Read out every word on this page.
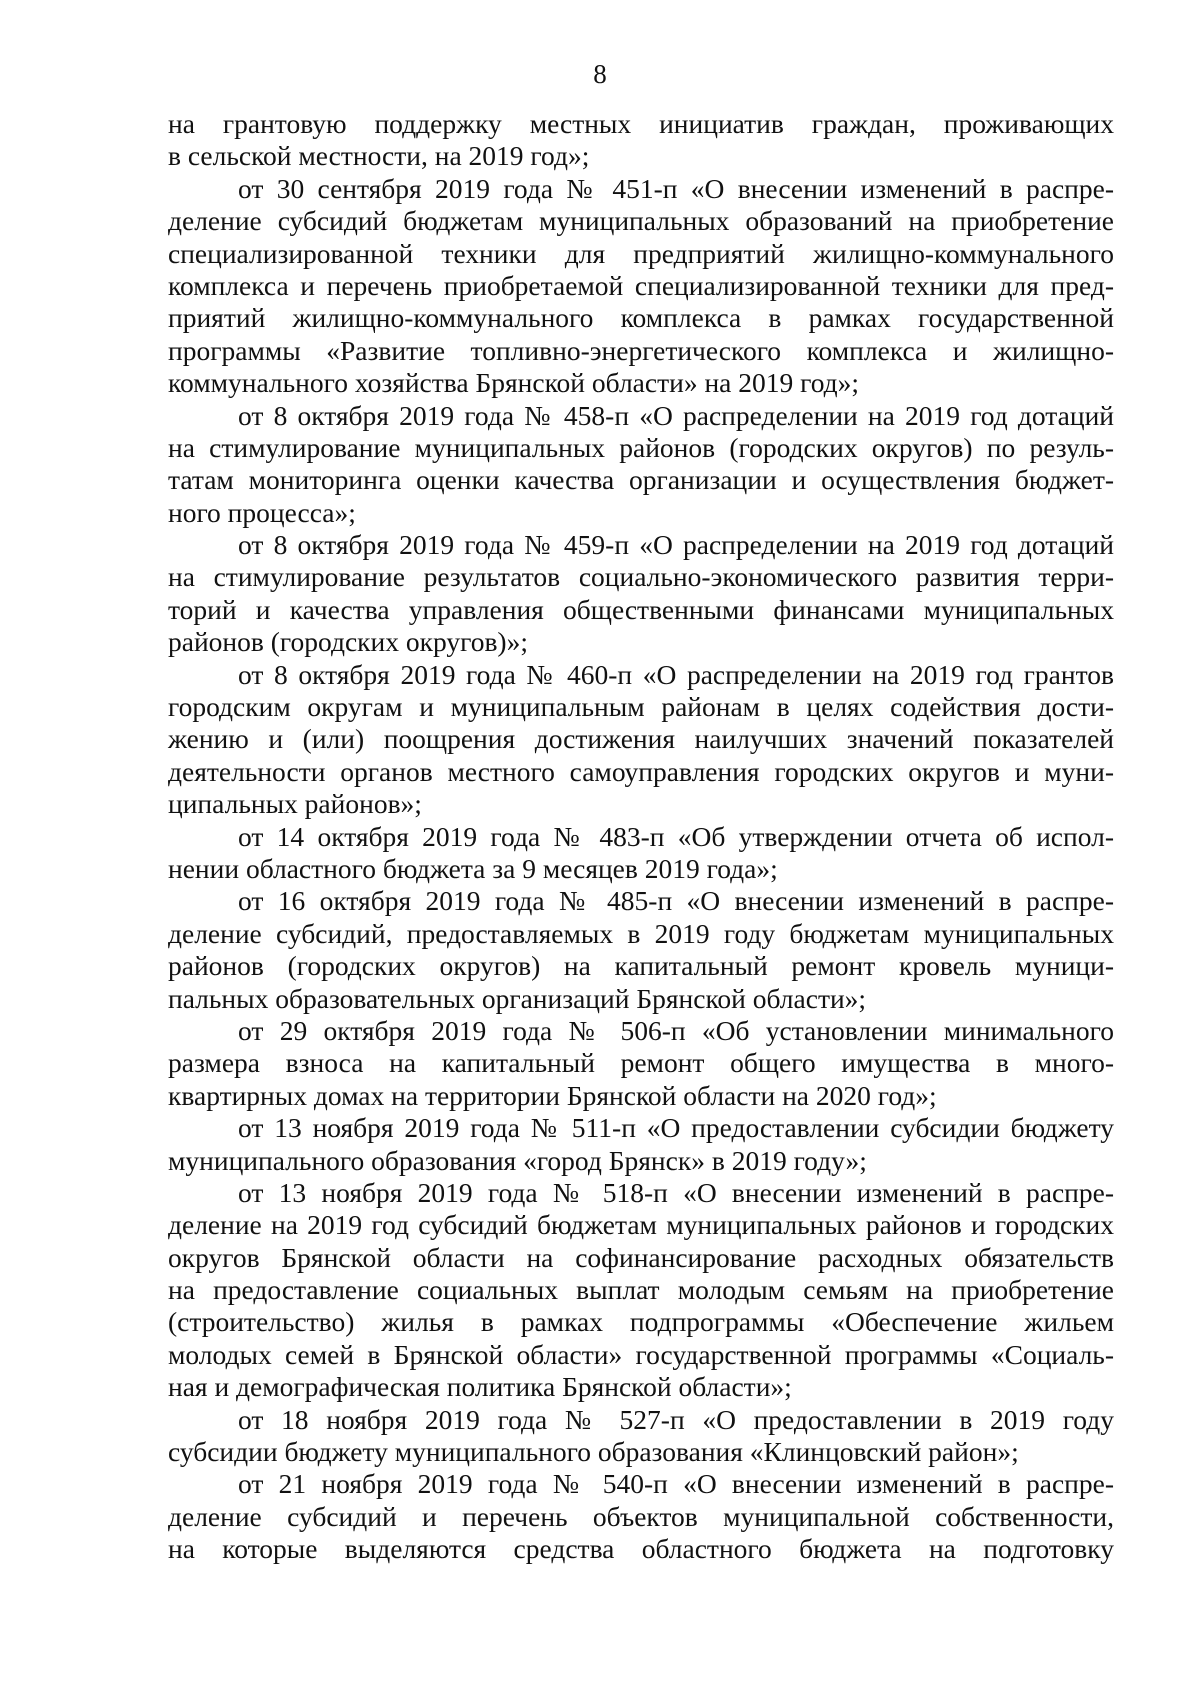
8
на грантовую поддержку местных инициатив граждан, проживающих
в сельской местности, на 2019 год»;
от 30 сентября 2019 года № 451-п «О внесении изменений в распре-
деление субсидий бюджетам муниципальных образований на приобретение
специализированной техники для предприятий жилищно-коммунального
комплекса и перечень приобретаемой специализированной техники для пред-
приятий жилищно-коммунального комплекса в рамках государственной
программы «Развитие топливно-энергетического комплекса и жилищно-
коммунального хозяйства Брянской области» на 2019 год»;
от 8 октября 2019 года № 458-п «О распределении на 2019 год дотаций
на стимулирование муниципальных районов (городских округов) по резуль-
татам мониторинга оценки качества организации и осуществления бюджет-
ного процесса»;
от 8 октября 2019 года № 459-п «О распределении на 2019 год дотаций
на стимулирование результатов социально-экономического развития терри-
торий и качества управления общественными финансами муниципальных
районов (городских округов)»;
от 8 октября 2019 года № 460-п «О распределении на 2019 год грантов
городским округам и муниципальным районам в целях содействия дости-
жению и (или) поощрения достижения наилучших значений показателей
деятельности органов местного самоуправления городских округов и муни-
ципальных районов»;
от 14 октября 2019 года № 483-п «Об утверждении отчета об испол-
нении областного бюджета за 9 месяцев 2019 года»;
от 16 октября 2019 года № 485-п «О внесении изменений в распре-
деление субсидий, предоставляемых в 2019 году бюджетам муниципальных
районов (городских округов) на капитальный ремонт кровель муници-
пальных образовательных организаций Брянской области»;
от 29 октября 2019 года № 506-п «Об установлении минимального
размера взноса на капитальный ремонт общего имущества в много-
квартирных домах на территории Брянской области на 2020 год»;
от 13 ноября 2019 года № 511-п «О предоставлении субсидии бюджету
муниципального образования «город Брянск» в 2019 году»;
от 13 ноября 2019 года № 518-п «О внесении изменений в распре-
деление на 2019 год субсидий бюджетам муниципальных районов и городских
округов Брянской области на софинансирование расходных обязательств
на предоставление социальных выплат молодым семьям на приобретение
(строительство) жилья в рамках подпрограммы «Обеспечение жильем
молодых семей в Брянской области» государственной программы «Социаль-
ная и демографическая политика Брянской области»;
от 18 ноября 2019 года № 527-п «О предоставлении в 2019 году
субсидии бюджету муниципального образования «Клинцовский район»;
от 21 ноября 2019 года № 540-п «О внесении изменений в распре-
деление субсидий и перечень объектов муниципальной собственности,
на которые выделяются средства областного бюджета на подготовку
